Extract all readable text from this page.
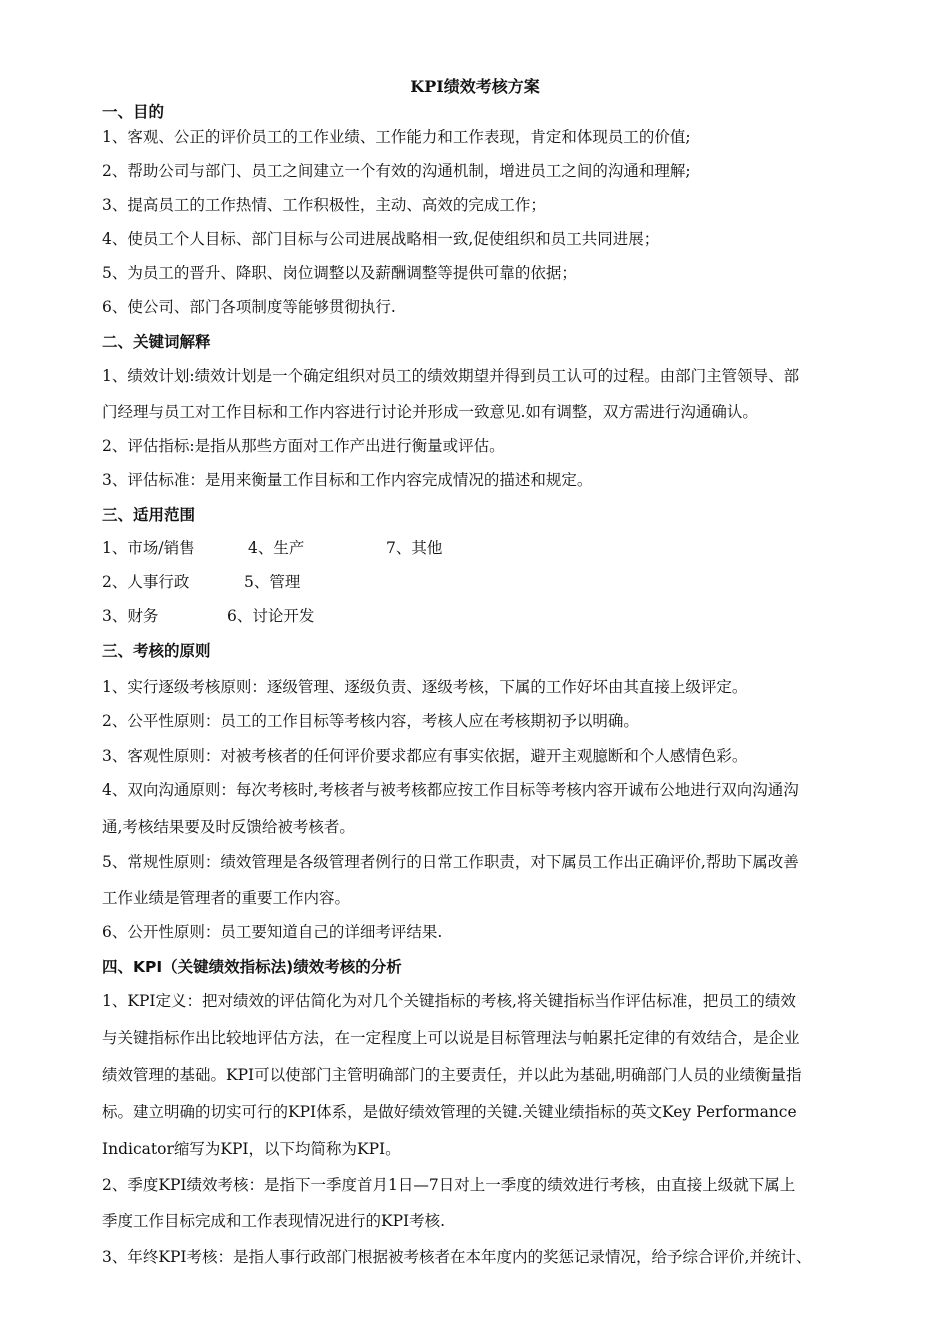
KPI绩效考核方案
一、目的
1、客观、公正的评价员工的工作业绩、工作能力和工作表现，肯定和体现员工的价值;
2、帮助公司与部门、员工之间建立一个有效的沟通机制，增进员工之间的沟通和理解;
3、提高员工的工作热情、工作积极性，主动、高效的完成工作；
4、使员工个人目标、部门目标与公司进展战略相一致,促使组织和员工共同进展；
5、为员工的晋升、降职、岗位调整以及薪酬调整等提供可靠的依据；
6、使公司、部门各项制度等能够贯彻执行.
二、关键词解释
1、绩效计划:绩效计划是一个确定组织对员工的绩效期望并得到员工认可的过程。由部门主管领导、部
门经理与员工对工作目标和工作内容进行讨论并形成一致意见.如有调整，双方需进行沟通确认。
2、评估指标:是指从那些方面对工作产出进行衡量或评估。
3、评估标准：是用来衡量工作目标和工作内容完成情况的描述和规定。
三、适用范围
1、市场/销售	4、生产	7、其他
2、人事行政	5、管理
3、财务	6、讨论开发
三、考核的原则
1、实行逐级考核原则：逐级管理、逐级负责、逐级考核，下属的工作好坏由其直接上级评定。
2、公平性原则：员工的工作目标等考核内容，考核人应在考核期初予以明确。
3、客观性原则：对被考核者的任何评价要求都应有事实依据，避开主观臆断和个人感情色彩。
4、双向沟通原则：每次考核时,考核者与被考核都应按工作目标等考核内容开诚布公地进行双向沟通沟
通,考核结果要及时反馈给被考核者。
5、常规性原则：绩效管理是各级管理者例行的日常工作职责，对下属员工作出正确评价,帮助下属改善
工作业绩是管理者的重要工作内容。
6、公开性原则：员工要知道自己的详细考评结果.
四、KPI（关键绩效指标法)绩效考核的分析
1、KPI定义：把对绩效的评估简化为对几个关键指标的考核,将关键指标当作评估标准，把员工的绩效
与关键指标作出比较地评估方法，在一定程度上可以说是目标管理法与帕累托定律的有效结合，是企业
绩效管理的基础。KPI可以使部门主管明确部门的主要责任，并以此为基础,明确部门人员的业绩衡量指
标。建立明确的切实可行的KPI体系，是做好绩效管理的关键.关键业绩指标的英文Key Performance
Indicator缩写为KPI，以下均简称为KPI。
2、季度KPI绩效考核：是指下一季度首月1日—7日对上一季度的绩效进行考核，由直接上级就下属上
季度工作目标完成和工作表现情况进行的KPI考核.
3、年终KPI考核：是指人事行政部门根据被考核者在本年度内的奖惩记录情况，给予综合评价,并统计、
